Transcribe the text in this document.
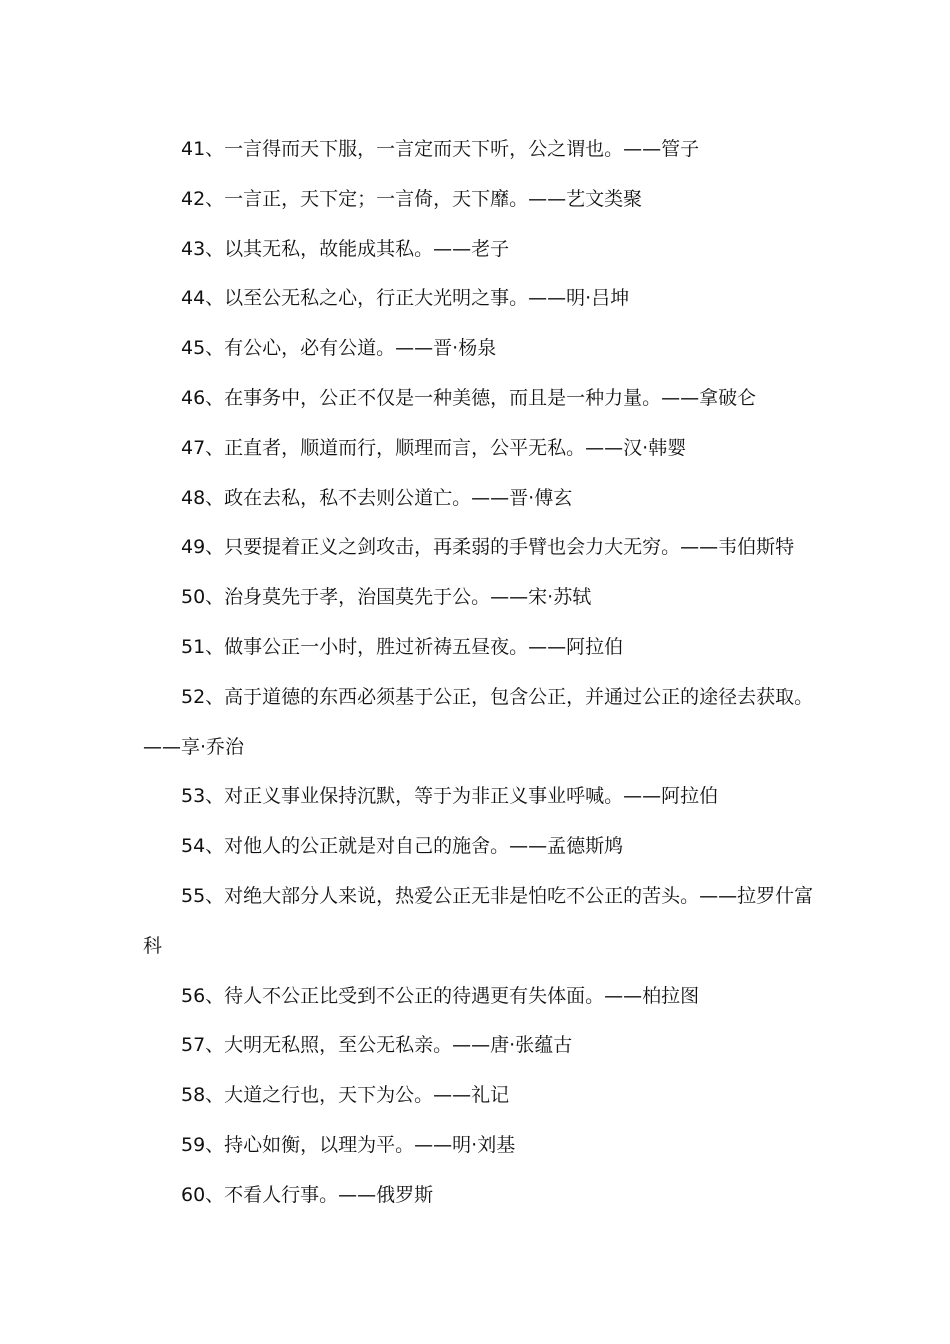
41、一言得而天下服，一言定而天下听，公之谓也。——管子

42、一言正，天下定；一言倚，天下靡。——艺文类聚

43、以其无私，故能成其私。——老子

44、以至公无私之心，行正大光明之事。——明·吕坤

45、有公心，必有公道。——晋·杨泉

46、在事务中，公正不仅是一种美德，而且是一种力量。——拿破仑

47、正直者，顺道而行，顺理而言，公平无私。——汉·韩婴

48、政在去私，私不去则公道亡。——晋·傅玄

49、只要提着正义之剑攻击，再柔弱的手臂也会力大无穷。——韦伯斯特

50、治身莫先于孝，治国莫先于公。——宋·苏轼

51、做事公正一小时，胜过祈祷五昼夜。——阿拉伯

52、高于道德的东西必须基于公正，包含公正，并通过公正的途径去获取。——享·乔治

53、对正义事业保持沉默，等于为非正义事业呼喊。——阿拉伯

54、对他人的公正就是对自己的施舍。——孟德斯鸠

55、对绝大部分人来说，热爱公正无非是怕吃不公正的苦头。——拉罗什富科

56、待人不公正比受到不公正的待遇更有失体面。——柏拉图

57、大明无私照，至公无私亲。——唐·张蕴古

58、大道之行也，天下为公。——礼记

59、持心如衡，以理为平。——明·刘基

60、不看人行事。——俄罗斯
